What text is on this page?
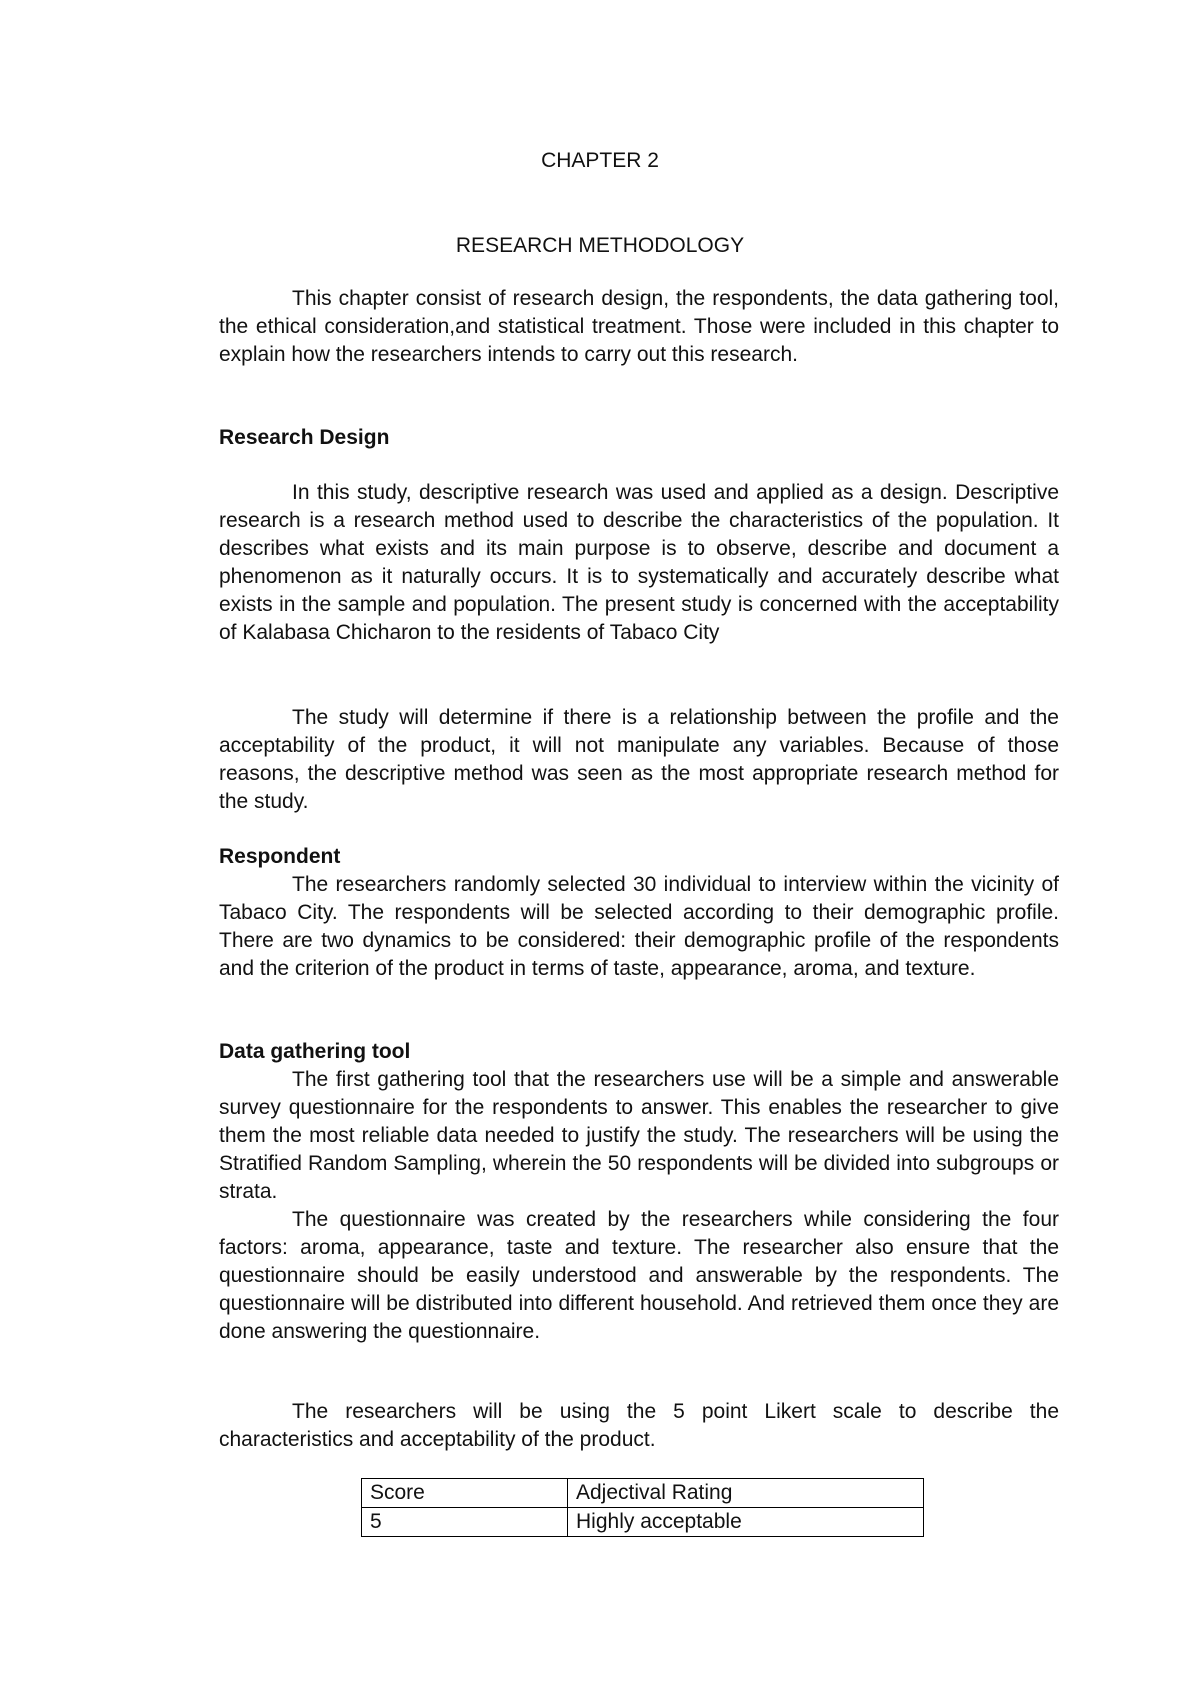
CHAPTER 2
RESEARCH METHODOLOGY

This chapter consist of research design, the respondents, the data gathering tool, the ethical consideration,and statistical treatment. Those were included in this chapter to explain how the researchers intends to carry out this research.

Research Design

In this study, descriptive research was used and applied as a design. Descriptive research is a research method used to describe the characteristics of the population. It describes what exists and its main purpose is to observe, describe and document a phenomenon as it naturally occurs. It is to systematically and accurately describe what exists in the sample and population. The present study is concerned with the acceptability of Kalabasa Chicharon to the residents of Tabaco City

The study will determine if there is a relationship between the profile and the acceptability of the product, it will not manipulate any variables. Because of those reasons, the descriptive method was seen as the most appropriate research method for the study.

Respondent

The researchers randomly selected 30 individual to interview within the vicinity of Tabaco City. The respondents will be selected according to their demographic profile. There are two dynamics to be considered: their demographic profile of the respondents and the criterion of the product in terms of taste, appearance, aroma, and texture.

Data gathering tool

The first gathering tool that the researchers use will be a simple and answerable survey questionnaire for the respondents to answer. This enables the researcher to give them the most reliable data needed to justify the study. The researchers will be using the Stratified Random Sampling, wherein the 50 respondents will be divided into subgroups or strata.

The questionnaire was created by the researchers while considering the four factors: aroma, appearance, taste and texture. The researcher also ensure that the questionnaire should be easily understood and answerable by the respondents. The questionnaire will be distributed into different household. And retrieved them once they are done answering the questionnaire.

The researchers will be using the 5 point Likert scale to describe the characteristics and acceptability of the product.

Score	Adjectival Rating
5	Highly acceptable
